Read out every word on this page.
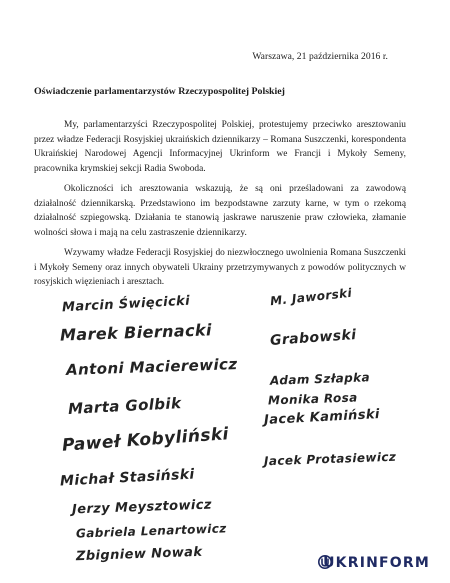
Warszawa, 21 października 2016 r.
Oświadczenie parlamentarzystów Rzeczypospolitej Polskiej

My, parlamentarzyści Rzeczypospolitej Polskiej, protestujemy przeciwko aresztowaniu przez władze Federacji Rosyjskiej ukraińskich dziennikarzy – Romana Suszczenki, korespondenta Ukraińskiej Narodowej Agencji Informacyjnej Ukrinform we Francji i Mykoły Semeny, pracownika krymskiej sekcji Radia Swoboda.

Okoliczności ich aresztowania wskazują, że są oni prześladowani za zawodową działalność dziennikarską. Przedstawiono im bezpodstawne zarzuty karne, w tym o rzekomą działalność szpiegowską. Działania te stanowią jaskrawe naruszenie praw człowieka, złamanie wolności słowa i mają na celu zastraszenie dziennikarzy.

Wzywamy władze Federacji Rosyjskiej do niezwłocznego uwolnienia Romana Suszczenki i Mykoły Semeny oraz innych obywateli Ukrainy przetrzymywanych z powodów politycznych w rosyjskich więzieniach i aresztach.

Marcin Święcicki
Marek Biernacki
Antoni Macierewicz
Marta Golbik
Paweł Kobyliński
Michał Stasiński
Jerzy Meysztowicz
Gabriela Lenartowicz
Zbigniew Nowak
M. Jaworski
Grabowski
Adam Szłapka
Monika Rosa
Jacek Kamiński
Jacek Protasiewicz
UKRINFORM
